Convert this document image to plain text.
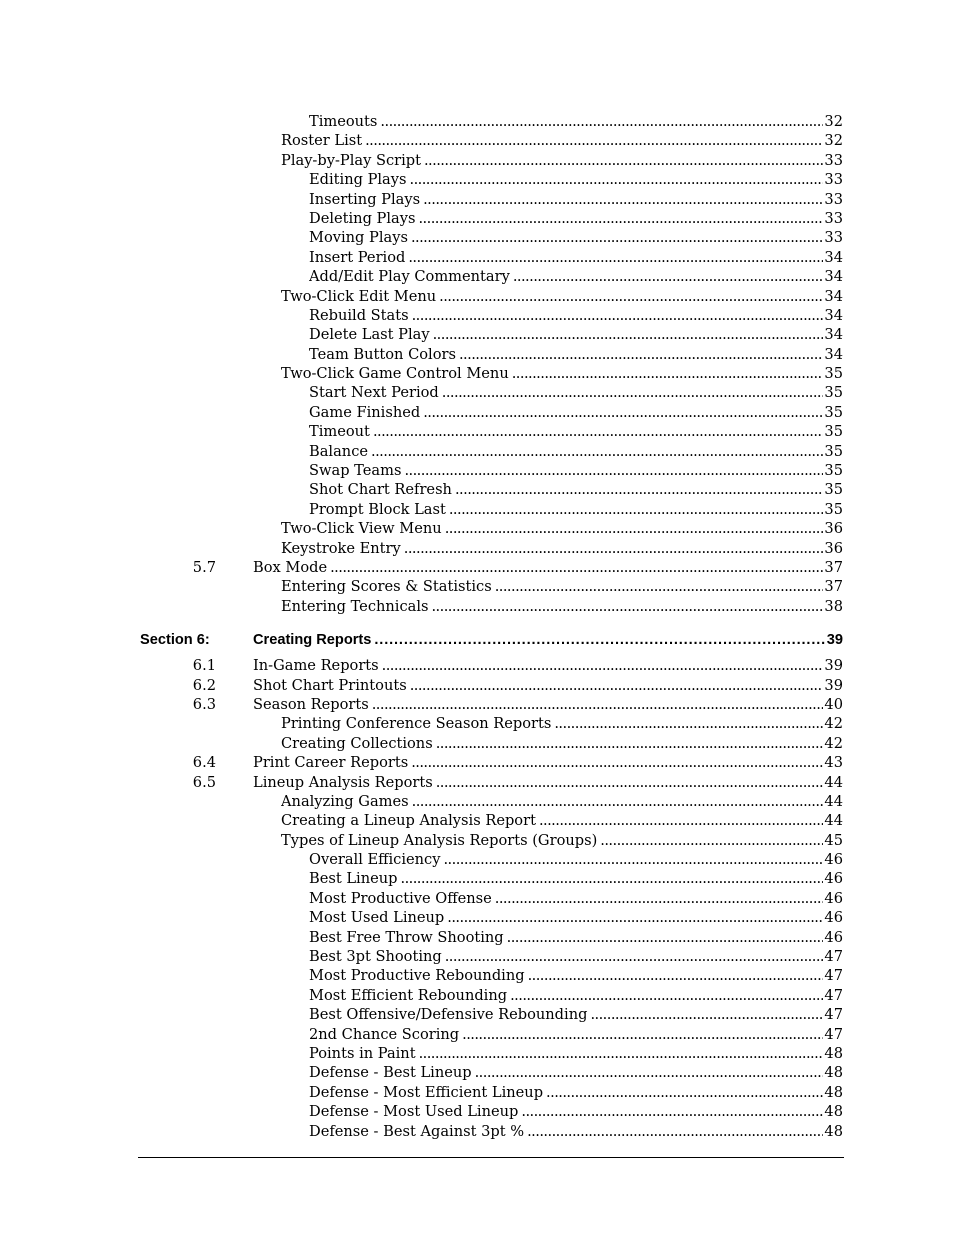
Timeouts . . .	32
Roster List . . .	32
Play-by-Play Script . . .	33
Editing Plays . . .	33
Inserting Plays . . .	33
Deleting Plays . . .	33
Moving Plays . . .	33
Insert Period . . .	34
Add/Edit Play Commentary . . .	34
Two-Click Edit Menu . . .	34
Rebuild Stats . . .	34
Delete Last Play . . .	34
Team Button Colors . . .	34
Two-Click Game Control Menu . . .	35
Start Next Period . . .	35
Game Finished . . .	35
Timeout . . .	35
Balance . . .	35
Swap Teams . . .	35
Shot Chart Refresh . . .	35
Prompt Block Last . . .	35
Two-Click View Menu . . .	36
Keystroke Entry . . .	36
5.7	Box Mode . . .	37
Entering Scores & Statistics . . .	37
Entering Technicals . . .	38
Section 6:	Creating Reports . . .	39
6.1	In-Game Reports . . .	39
6.2	Shot Chart Printouts . . .	39
6.3	Season Reports . . .	40
Printing Conference Season Reports . . .	42
Creating Collections . . .	42
6.4	Print Career Reports . . .	43
6.5	Lineup Analysis Reports . . .	44
Analyzing Games . . .	44
Creating a Lineup Analysis Report . . .	44
Types of Lineup Analysis Reports (Groups) . . .	45
Overall Efficiency . . .	46
Best Lineup . . .	46
Most Productive Offense . . .	46
Most Used Lineup . . .	46
Best Free Throw Shooting . . .	46
Best 3pt Shooting . . .	47
Most Productive Rebounding . . .	47
Most Efficient Rebounding . . .	47
Best Offensive/Defensive Rebounding . . .	47
2nd Chance Scoring . . .	47
Points in Paint . . .	48
Defense - Best Lineup . . .	48
Defense - Most Efficient Lineup . . .	48
Defense - Most Used Lineup . . .	48
Defense - Best Against 3pt % . . .	48
